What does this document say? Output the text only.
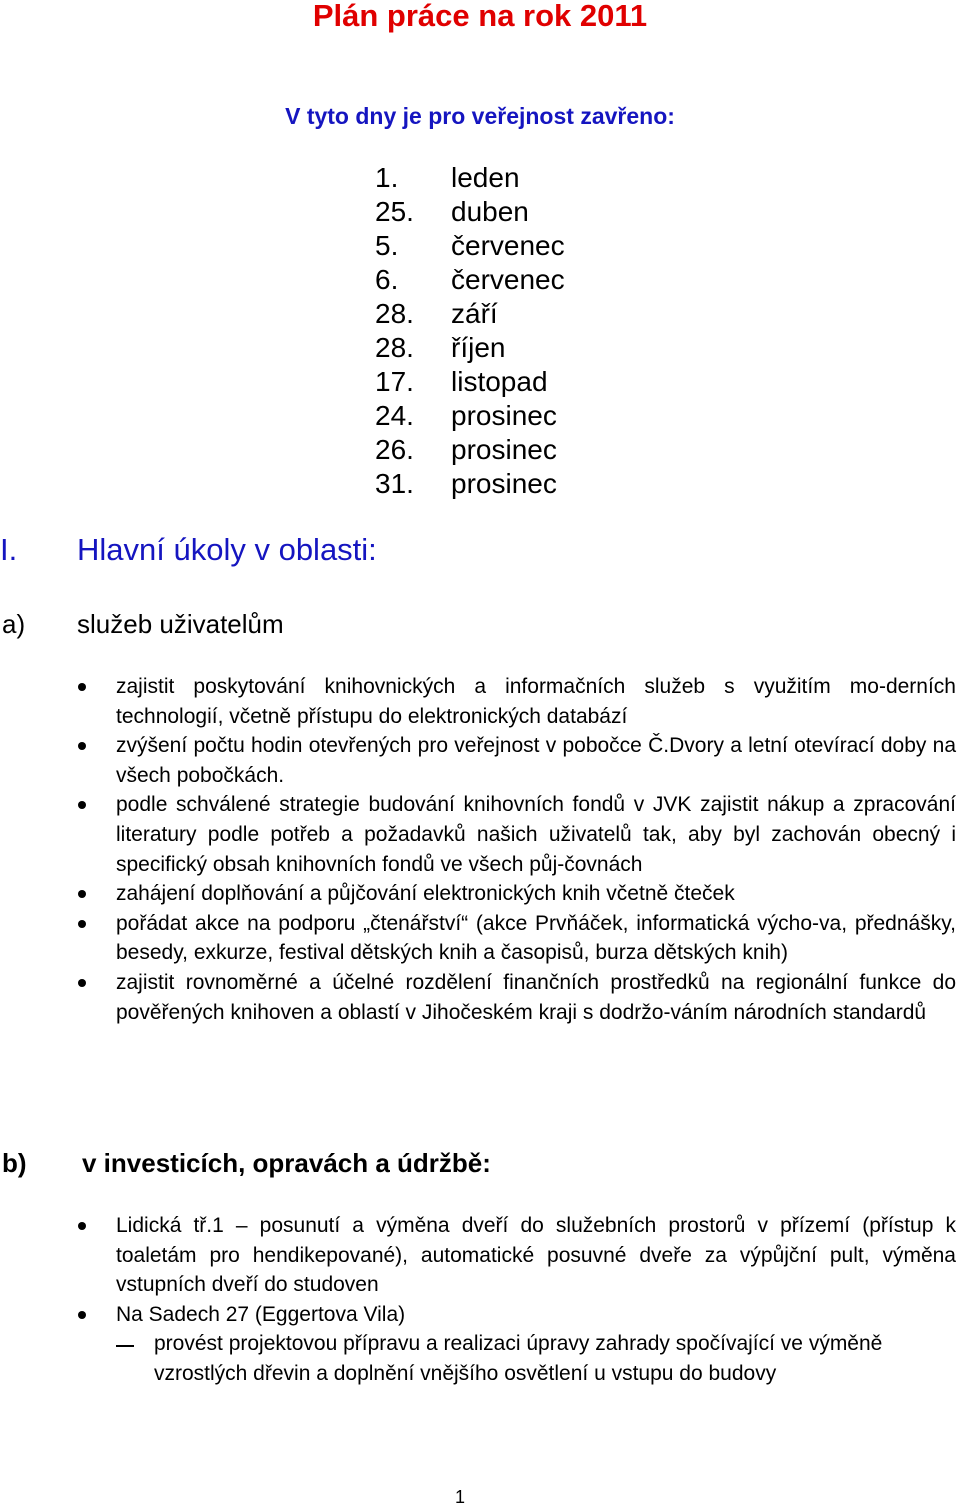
Plán práce na rok 2011
V tyto dny je pro veřejnost zavřeno:
1.	leden
25.	duben
5.	červenec
6.	červenec
28.	září
28.	říjen
17.	listopad
24.	prosinec
26.	prosinec
31.	prosinec
I. Hlavní úkoly v oblasti:
a) služeb uživatelům
zajistit poskytování knihovnických a informačních služeb s využitím mo-derních technologií, včetně přístupu do elektronických databází
zvýšení počtu hodin otevřených pro veřejnost v pobočce Č.Dvory a letní otevírací doby na všech pobočkách.
podle schválené strategie budování knihovních fondů v JVK zajistit nákup a zpracování literatury podle potřeb a požadavků našich uživatelů tak, aby byl zachován obecný i specifický obsah knihovních fondů ve všech půj-čovnách
zahájení doplňování a půjčování elektronických knih včetně čteček
pořádat akce na podporu „čtenářství“ (akce Prvňáček, informatická výcho-va, přednášky, besedy, exkurze, festival dětských knih a časopisů, burza dětských knih)
zajistit rovnoměrné a účelné rozdělení finančních prostředků na regionální funkce do pověřených knihoven a oblastí v Jihočeském kraji s dodržo-váním národních standardů
b) v investicích, opravách a údržbě:
Lidická tř.1 – posunutí a výměna dveří do služebních prostorů v přízemí (přístup k toaletám pro hendikepované), automatické posuvné dveře za výpůjční pult, výměna vstupních dveří do studoven
Na Sadech 27 (Eggertova Vila)
provést projektovou přípravu a realizaci úpravy zahrady spočívající ve výměně vzrostlých dřevin a doplnění vnějšího osvětlení u vstupu do budovy
1
